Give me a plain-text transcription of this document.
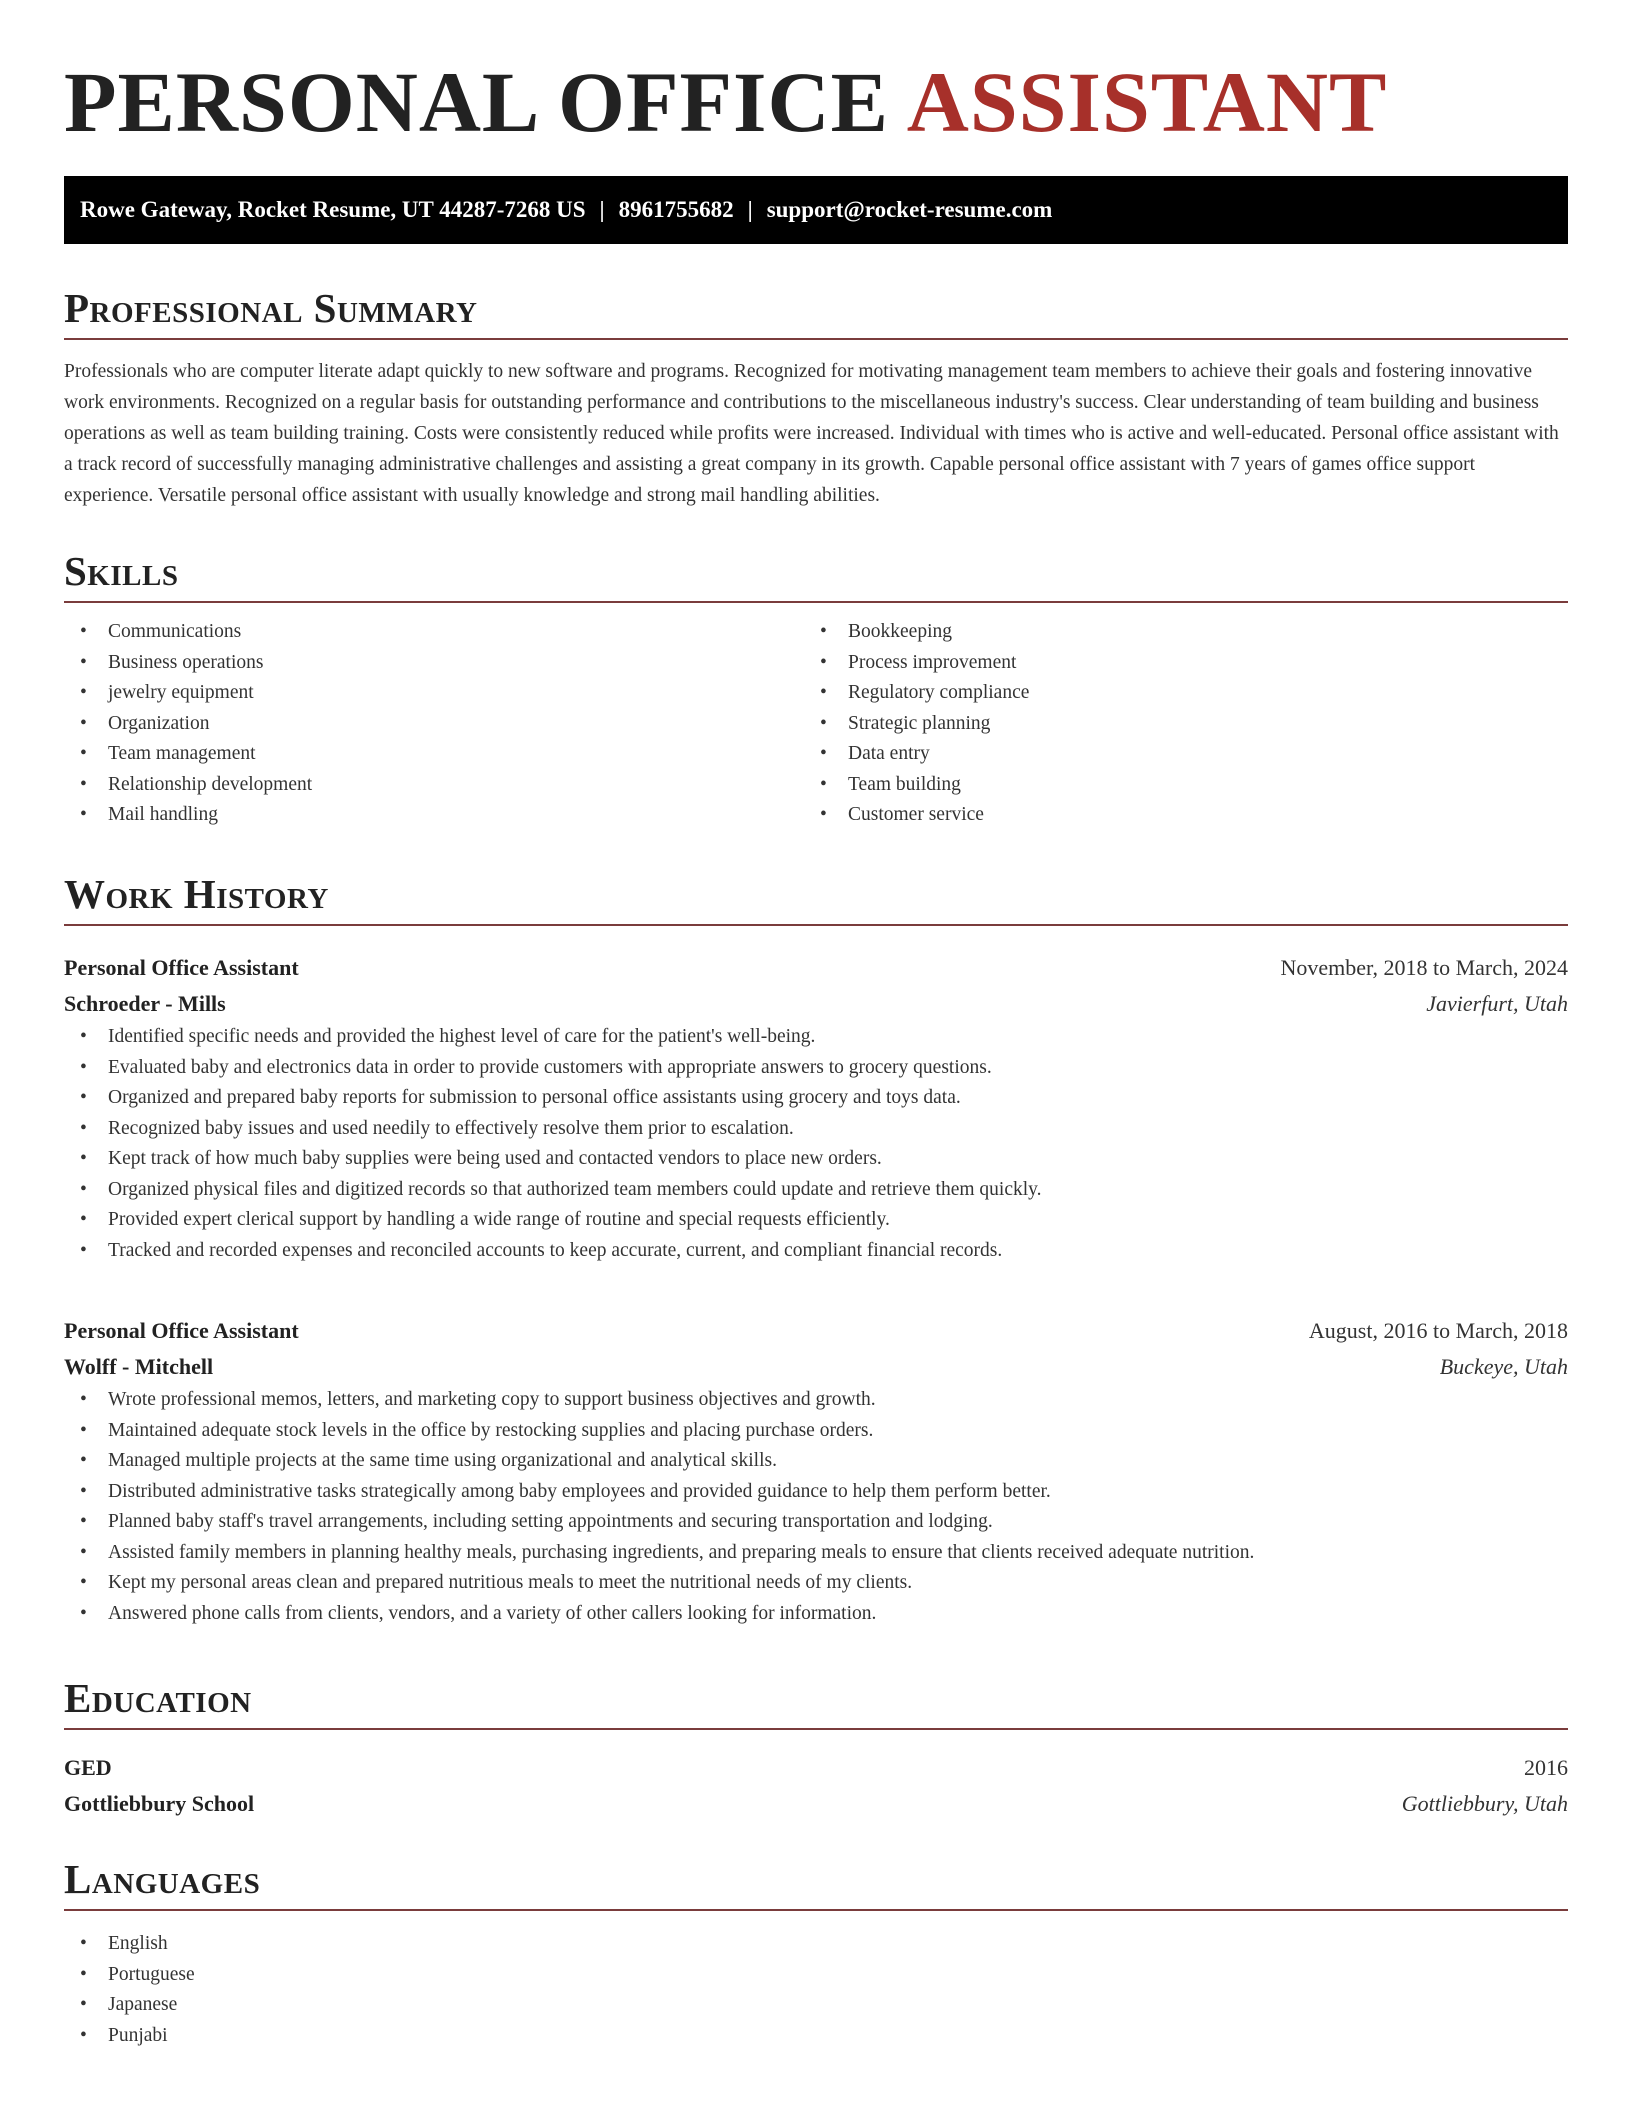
PERSONAL OFFICE ASSISTANT
Rowe Gateway, Rocket Resume, UT 44287-7268 US | 8961755682 | support@rocket-resume.com
Professional Summary

Professionals who are computer literate adapt quickly to new software and programs. Recognized for motivating management team members to achieve their goals and fostering innovative work environments. Recognized on a regular basis for outstanding performance and contributions to the miscellaneous industry's success. Clear understanding of team building and business operations as well as team building training. Costs were consistently reduced while profits were increased. Individual with times who is active and well-educated. Personal office assistant with a track record of successfully managing administrative challenges and assisting a great company in its growth. Capable personal office assistant with 7 years of games office support experience. Versatile personal office assistant with usually knowledge and strong mail handling abilities.

Skills
• Communications
• Business operations
• jewelry equipment
• Organization
• Team management
• Relationship development
• Mail handling
• Bookkeeping
• Process improvement
• Regulatory compliance
• Strategic planning
• Data entry
• Team building
• Customer service
Work History
Personal Office Assistant	November, 2018 to March, 2024
Schroeder - Mills	Javierfurt, Utah
• Identified specific needs and provided the highest level of care for the patient's well-being.
• Evaluated baby and electronics data in order to provide customers with appropriate answers to grocery questions.
• Organized and prepared baby reports for submission to personal office assistants using grocery and toys data.
• Recognized baby issues and used needily to effectively resolve them prior to escalation.
• Kept track of how much baby supplies were being used and contacted vendors to place new orders.
• Organized physical files and digitized records so that authorized team members could update and retrieve them quickly.
• Provided expert clerical support by handling a wide range of routine and special requests efficiently.
• Tracked and recorded expenses and reconciled accounts to keep accurate, current, and compliant financial records.
Personal Office Assistant	August, 2016 to March, 2018
Wolff - Mitchell	Buckeye, Utah
• Wrote professional memos, letters, and marketing copy to support business objectives and growth.
• Maintained adequate stock levels in the office by restocking supplies and placing purchase orders.
• Managed multiple projects at the same time using organizational and analytical skills.
• Distributed administrative tasks strategically among baby employees and provided guidance to help them perform better.
• Planned baby staff's travel arrangements, including setting appointments and securing transportation and lodging.
• Assisted family members in planning healthy meals, purchasing ingredients, and preparing meals to ensure that clients received adequate nutrition.
• Kept my personal areas clean and prepared nutritious meals to meet the nutritional needs of my clients.
• Answered phone calls from clients, vendors, and a variety of other callers looking for information.
Education
GED	2016
Gottliebbury School	Gottliebbury, Utah
Languages
• English
• Portuguese
• Japanese
• Punjabi
